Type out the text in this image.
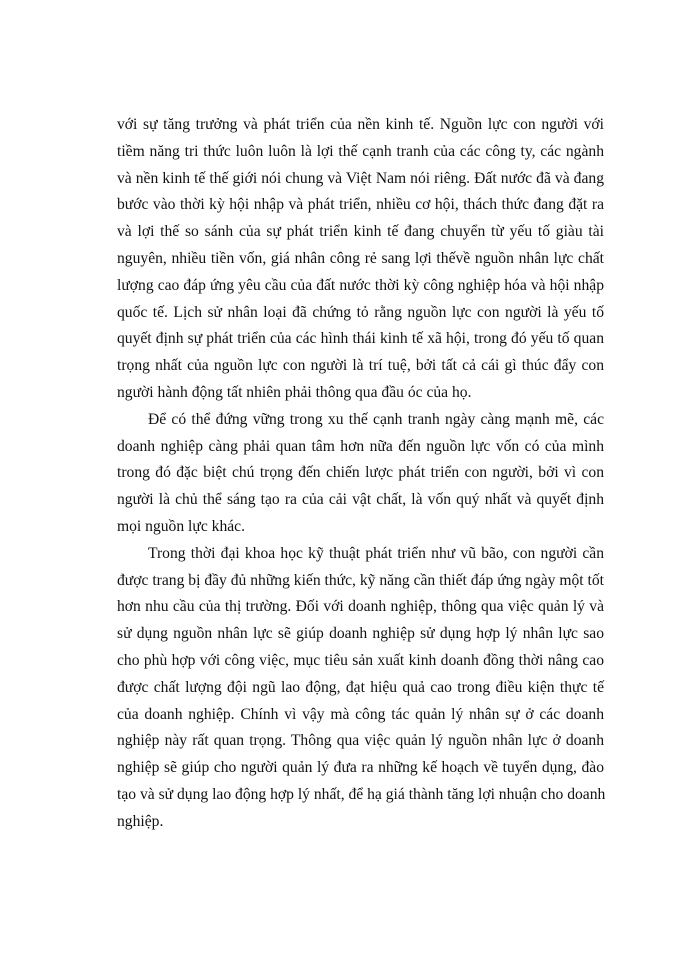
với sự tăng trưởng và phát triển của nền kinh tế. Nguồn lực con người với
tiềm năng tri thức luôn luôn là lợi thế cạnh tranh của các công ty, các ngành
và nền kinh tế thế giới nói chung và Việt Nam nói riêng. Đất nước đã và đang
bước vào thời kỳ hội nhập và phát triển, nhiều cơ hội, thách thức đang đặt ra
và lợi thế so sánh của sự phát triển kinh tế đang chuyển từ yếu tố giàu tài
nguyên, nhiều tiền vốn, giá nhân công rẻ sang lợi thếvề nguồn nhân lực chất
lượng cao đáp ứng yêu cầu của đất nước thời kỳ công nghiệp hóa và hội nhập
quốc tế. Lịch sử nhân loại đã chứng tỏ rằng nguồn lực con người là yếu tố
quyết định sự phát triển của các hình thái kinh tế xã hội, trong đó yếu tố quan
trọng nhất của nguồn lực con người là trí tuệ, bởi tất cả cái gì thúc đẩy con
người hành động tất nhiên phải thông qua đầu óc của họ.
Để có thể đứng vững trong xu thế cạnh tranh ngày càng mạnh mẽ, các
doanh nghiệp càng phải quan tâm hơn nữa đến nguồn lực vốn có của mình
trong đó đặc biệt chú trọng đến chiến lược phát triển con người, bởi vì con
người là chủ thể sáng tạo ra của cải vật chất, là vốn quý nhất và quyết định
mọi nguồn lực khác.
Trong thời đại khoa học kỹ thuật phát triển như vũ bão, con người cần
được trang bị đầy đủ những kiến thức, kỹ năng cần thiết đáp ứng ngày một tốt
hơn nhu cầu của thị trường. Đối với doanh nghiệp, thông qua việc quản lý và
sử dụng nguồn nhân lực sẽ giúp doanh nghiệp sử dụng hợp lý nhân lực sao
cho phù hợp với công việc, mục tiêu sản xuất kinh doanh đồng thời nâng cao
được chất lượng đội ngũ lao động, đạt hiệu quả cao trong điều kiện thực tế
của doanh nghiệp. Chính vì vậy mà công tác quản lý nhân sự ở các doanh
nghiệp này rất quan trọng. Thông qua việc quản lý nguồn nhân lực ở doanh
nghiệp sẽ giúp cho người quản lý đưa ra những kế hoạch về tuyển dụng, đào
tạo và sử dụng lao động hợp lý nhất, để hạ giá thành tăng lợi nhuận cho doanh
nghiệp.
